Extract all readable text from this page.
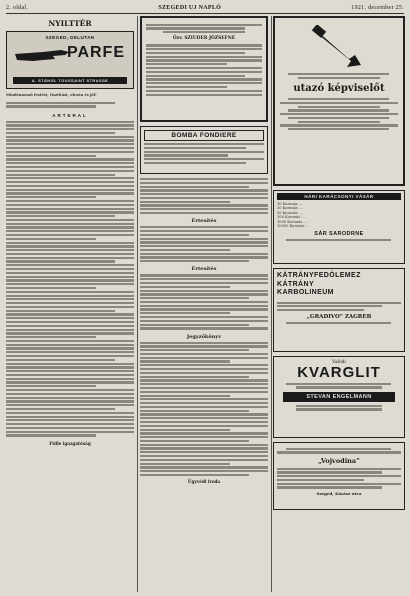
2. oldal.	SZEGEDI UJ NAPLÓ	1921. december 25.
NYILTTÉR
SZEGED, DELUTAN
PARFE
A. STÁNGL TOUSSAINT STRASSE
Mindennemű festést, tisztítást, olcsón és jól!
ARTERAL
Ftdle igazgatóság
Özv. SZIUDER JÓZSEFNÉ
BOMBA FONDIERE
Értesítés
Értesítés
Jegyzőkönyv
Ügyvédi iroda
utazó képviselőt
HÁRI KARÁCSONYI VÁSÁR
10 Koronás ....
20 Koronás ....
50 Koronás ....
100 Koronás ....
1000 Koronás ....
10000 Koronás ....
SÁR SARODRNE
KÁTRÁNYFEDÖLEMEZ
KÁTRÁNY
KARBOLINEUM
„GRADIVO” ZAGREB
Valódi
KVARGLIT
STEVAN ENGELMANN
„Vojvodina”
Szeged, Kárász utca
